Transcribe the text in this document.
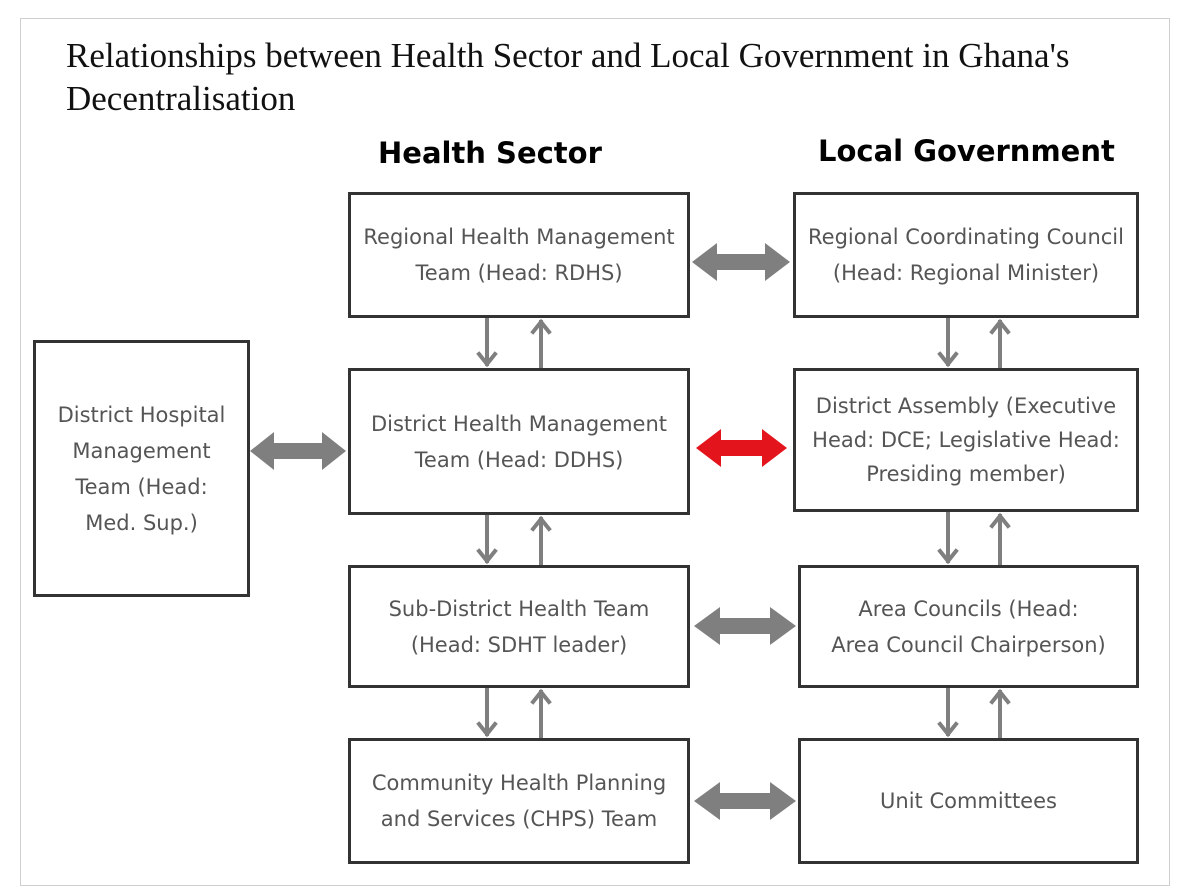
Relationships between Health Sector and Local Government in Ghana's Decentralisation
Health Sector	Local Government
District Hospital Management Team (Head: Med. Sup.)
Regional Health Management Team (Head: RDHS)
District Health Management Team (Head: DDHS)
Sub-District Health Team (Head: SDHT leader)
Community Health Planning and Services (CHPS) Team
Regional Coordinating Council (Head: Regional Minister)
District Assembly (Executive Head: DCE; Legislative Head: Presiding member)
Area Councils (Head: Area Council Chairperson)
Unit Committees
